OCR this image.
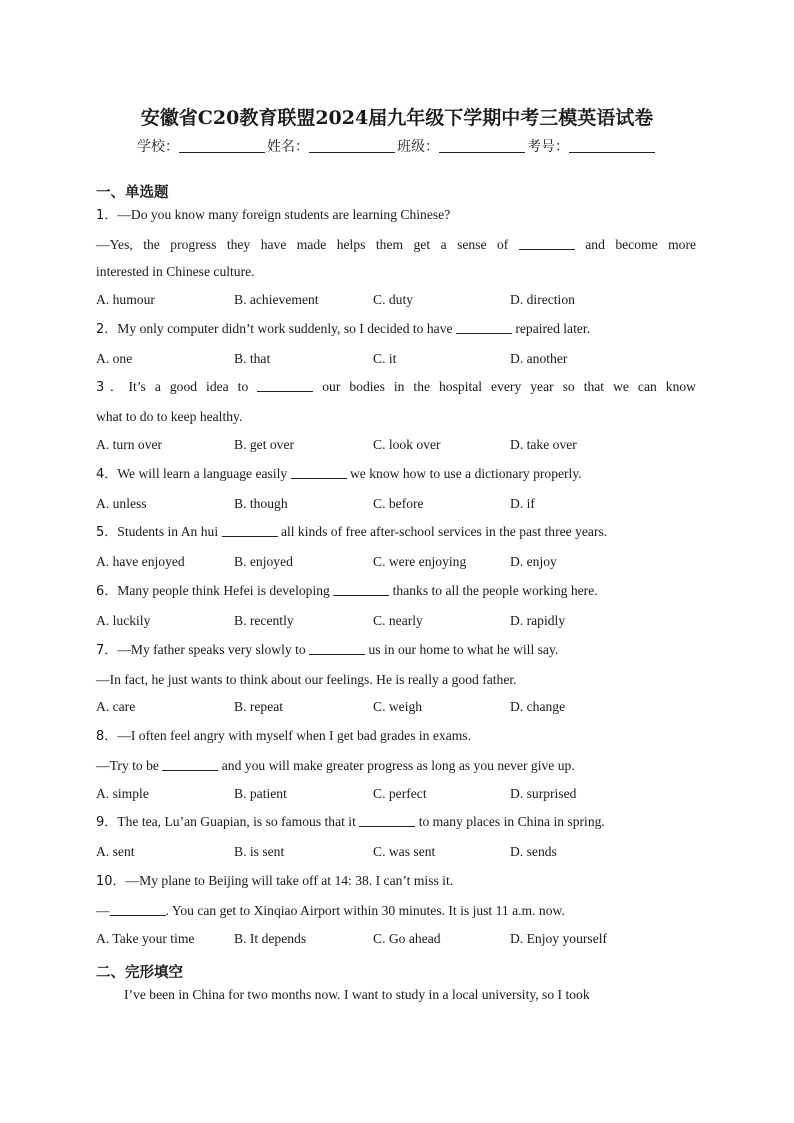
安徽省C20教育联盟2024届九年级下学期中考三模英语试卷
学校：	姓名：	班级：	考号：
一、单选题
1．—Do you know many foreign students are learning Chinese?
—Yes, the progress they have made helps them get a sense of	and become more
interested in Chinese culture.
A. humour	B. achievement	C. duty	D. direction
2．My only computer didn’t work suddenly, so I decided to have	repaired later.
A. one	B. that	C. it	D. another
3．It’s a good idea to	our bodies in the hospital every year so that we can know
what to do to keep healthy.
A. turn over	B. get over	C. look over	D. take over
4．We will learn a language easily	we know how to use a dictionary properly.
A. unless	B. though	C. before	D. if
5．Students in An hui	all kinds of free after-school services in the past three years.
A. have enjoyed	B. enjoyed	C. were enjoying	D. enjoy
6．Many people think Hefei is developing	thanks to all the people working here.
A. luckily	B. recently	C. nearly	D. rapidly
7．—My father speaks very slowly to	us in our home to what he will say.
—In fact, he just wants to think about our feelings. He is really a good father.
A. care	B. repeat	C. weigh	D. change
8．—I often feel angry with myself when I get bad grades in exams.
—Try to be	and you will make greater progress as long as you never give up.
A. simple	B. patient	C. perfect	D. surprised
9．The tea, Lu’an Guapian, is so famous that it	to many places in China in spring.
A. sent	B. is sent	C. was sent	D. sends
10．—My plane to Beijing will take off at 14: 38. I can’t miss it.
—	. You can get to Xinqiao Airport within 30 minutes. It is just 11 a.m. now.
A. Take your time	B. It depends	C. Go ahead	D. Enjoy yourself
二、完形填空
I’ve been in China for two months now. I want to study in a local university, so I took
